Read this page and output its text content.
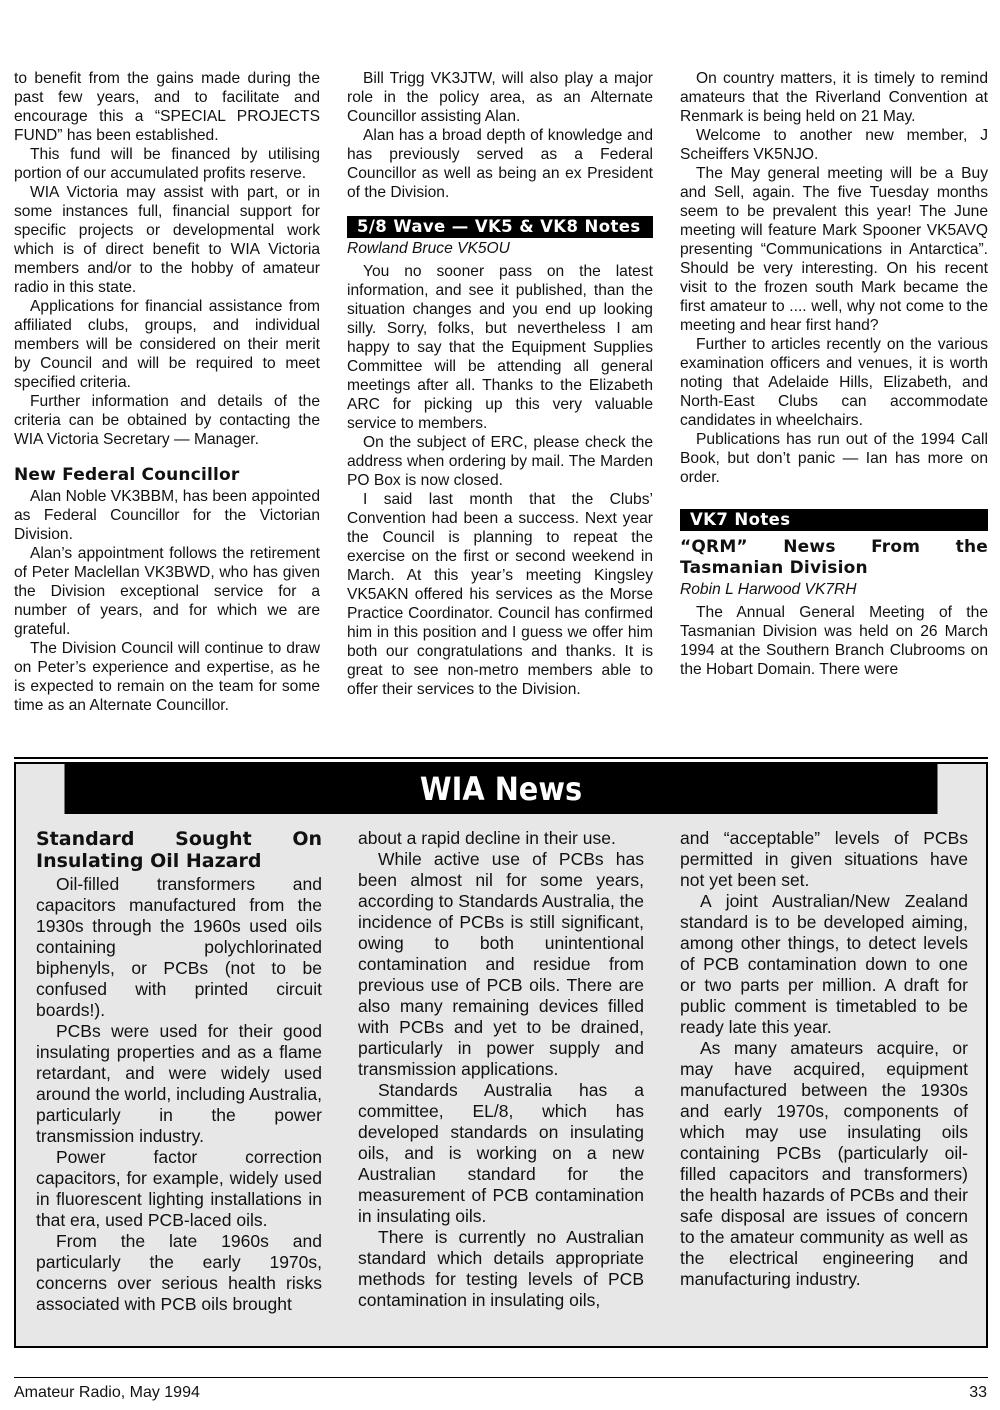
to benefit from the gains made during the past few years, and to facilitate and encourage this a “SPECIAL PROJECTS FUND” has been established.

This fund will be financed by utilising portion of our accumulated profits reserve.

WIA Victoria may assist with part, or in some instances full, financial support for specific projects or developmental work which is of direct benefit to WIA Victoria members and/or to the hobby of amateur radio in this state.

Applications for financial assistance from affiliated clubs, groups, and individual members will be considered on their merit by Council and will be required to meet specified criteria.

Further information and details of the criteria can be obtained by contacting the WIA Victoria Secretary — Manager.

New Federal Councillor

Alan Noble VK3BBM, has been appointed as Federal Councillor for the Victorian Division.

Alan’s appointment follows the retirement of Peter Maclellan VK3BWD, who has given the Division exceptional service for a number of years, and for which we are grateful.

The Division Council will continue to draw on Peter’s experience and expertise, as he is expected to remain on the team for some time as an Alternate Councillor.

Bill Trigg VK3JTW, will also play a major role in the policy area, as an Alternate Councillor assisting Alan.

Alan has a broad depth of knowledge and has previously served as a Federal Councillor as well as being an ex President of the Division.

5/8 Wave — VK5 & VK8 Notes

Rowland Bruce VK5OU

You no sooner pass on the latest information, and see it published, than the situation changes and you end up looking silly. Sorry, folks, but nevertheless I am happy to say that the Equipment Supplies Committee will be attending all general meetings after all. Thanks to the Elizabeth ARC for picking up this very valuable service to members.

On the subject of ERC, please check the address when ordering by mail. The Marden PO Box is now closed.

I said last month that the Clubs’ Convention had been a success. Next year the Council is planning to repeat the exercise on the first or second weekend in March. At this year’s meeting Kingsley VK5AKN offered his services as the Morse Practice Coordinator. Council has confirmed him in this position and I guess we offer him both our congratulations and thanks. It is great to see non-metro members able to offer their services to the Division.

On country matters, it is timely to remind amateurs that the Riverland Convention at Renmark is being held on 21 May.

Welcome to another new member, J Scheiffers VK5NJO.

The May general meeting will be a Buy and Sell, again. The five Tuesday months seem to be prevalent this year! The June meeting will feature Mark Spooner VK5AVQ presenting “Communications in Antarctica”. Should be very interesting. On his recent visit to the frozen south Mark became the first amateur to .... well, why not come to the meeting and hear first hand?

Further to articles recently on the various examination officers and venues, it is worth noting that Adelaide Hills, Elizabeth, and North-East Clubs can accommodate candidates in wheelchairs.

Publications has run out of the 1994 Call Book, but don’t panic — Ian has more on order.

VK7 Notes
“QRM” News From the Tasmanian Division

Robin L Harwood VK7RH

The Annual General Meeting of the Tasmanian Division was held on 26 March 1994 at the Southern Branch Clubrooms on the Hobart Domain. There were

WIA News
Standard Sought On Insulating Oil Hazard

Oil-filled transformers and capacitors manufactured from the 1930s through the 1960s used oils containing polychlorinated biphenyls, or PCBs (not to be confused with printed circuit boards!).

PCBs were used for their good insulating properties and as a flame retardant, and were widely used around the world, including Australia, particularly in the power transmission industry.

Power factor correction capacitors, for example, widely used in fluorescent lighting installations in that era, used PCB-laced oils.

From the late 1960s and particularly the early 1970s, concerns over serious health risks associated with PCB oils brought

about a rapid decline in their use.

While active use of PCBs has been almost nil for some years, according to Standards Australia, the incidence of PCBs is still significant, owing to both unintentional contamination and residue from previous use of PCB oils. There are also many remaining devices filled with PCBs and yet to be drained, particularly in power supply and transmission applications.

Standards Australia has a committee, EL/8, which has developed standards on insulating oils, and is working on a new Australian standard for the measurement of PCB contamination in insulating oils.

There is currently no Australian standard which details appropriate methods for testing levels of PCB contamination in insulating oils,

and “acceptable” levels of PCBs permitted in given situations have not yet been set.

A joint Australian/New Zealand standard is to be developed aiming, among other things, to detect levels of PCB contamination down to one or two parts per million. A draft for public comment is timetabled to be ready late this year.

As many amateurs acquire, or may have acquired, equipment manufactured between the 1930s and early 1970s, components of which may use insulating oils containing PCBs (particularly oil-filled capacitors and transformers) the health hazards of PCBs and their safe disposal are issues of concern to the amateur community as well as the electrical engineering and manufacturing industry.

Amateur Radio, May 1994	33
